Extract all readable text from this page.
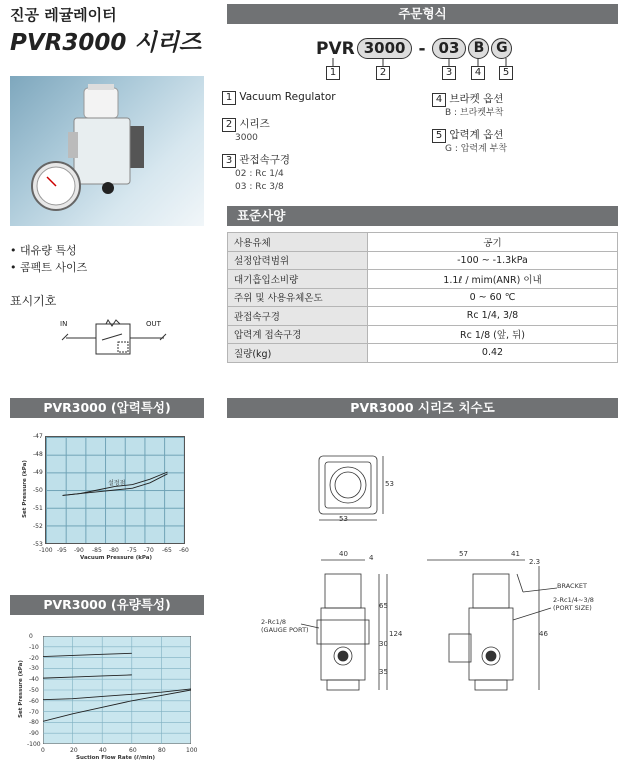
진공 레귤레이터
PVR3000 시리즈
• 대유량 특성
• 콤펙트 사이즈
표시기호
IN	OUT
주문형식
PVR 3000 - 03	B G
1	2	3	4	5
1 Vacuum Regulator
2 시리즈
3000
3 관접속구경
02 : Rc 1/4
03 : Rc 3/8
4 브라켓 옵션
B : 브라켓부착
5 압력계 옵션
G : 압력계 부착
표준사양
사용유체	공기
설정압력범위	-100 ~ -1.3kPa
대기흡입소비량	1.1ℓ / mim(ANR) 이내
주위 및 사용유체온도	0 ~ 60 ℃
관접속구경	Rc 1/4, 3/8
압력계 접속구경	Rc 1/8 (앞, 뒤)
질량(kg)	0.42
PVR3000 (압력특성)
-47
-48
-49
-50
-51
-52
-53
-100 -95 -90 -85 -80 -75 -70 -65 -60
Vacuum Pressure (kPa)
Set Pressure (kPa)	설정점
PVR3000 (유량특성)
0
-10
-20
-30
-40
-50
-60
-70
-80
-90
-100
0	20	40	60	80	100
Suction Flow Rate (ℓ/min)
Set Pressure (kPa)
PVR3000 시리즈 치수도
53
53
40	4
65
124
30
35
2-Rc1/8
(GAUGE PORT)
57	41
2.3
46
BRACKET
2-Rc1/4~3/8
(PORT SIZE)
